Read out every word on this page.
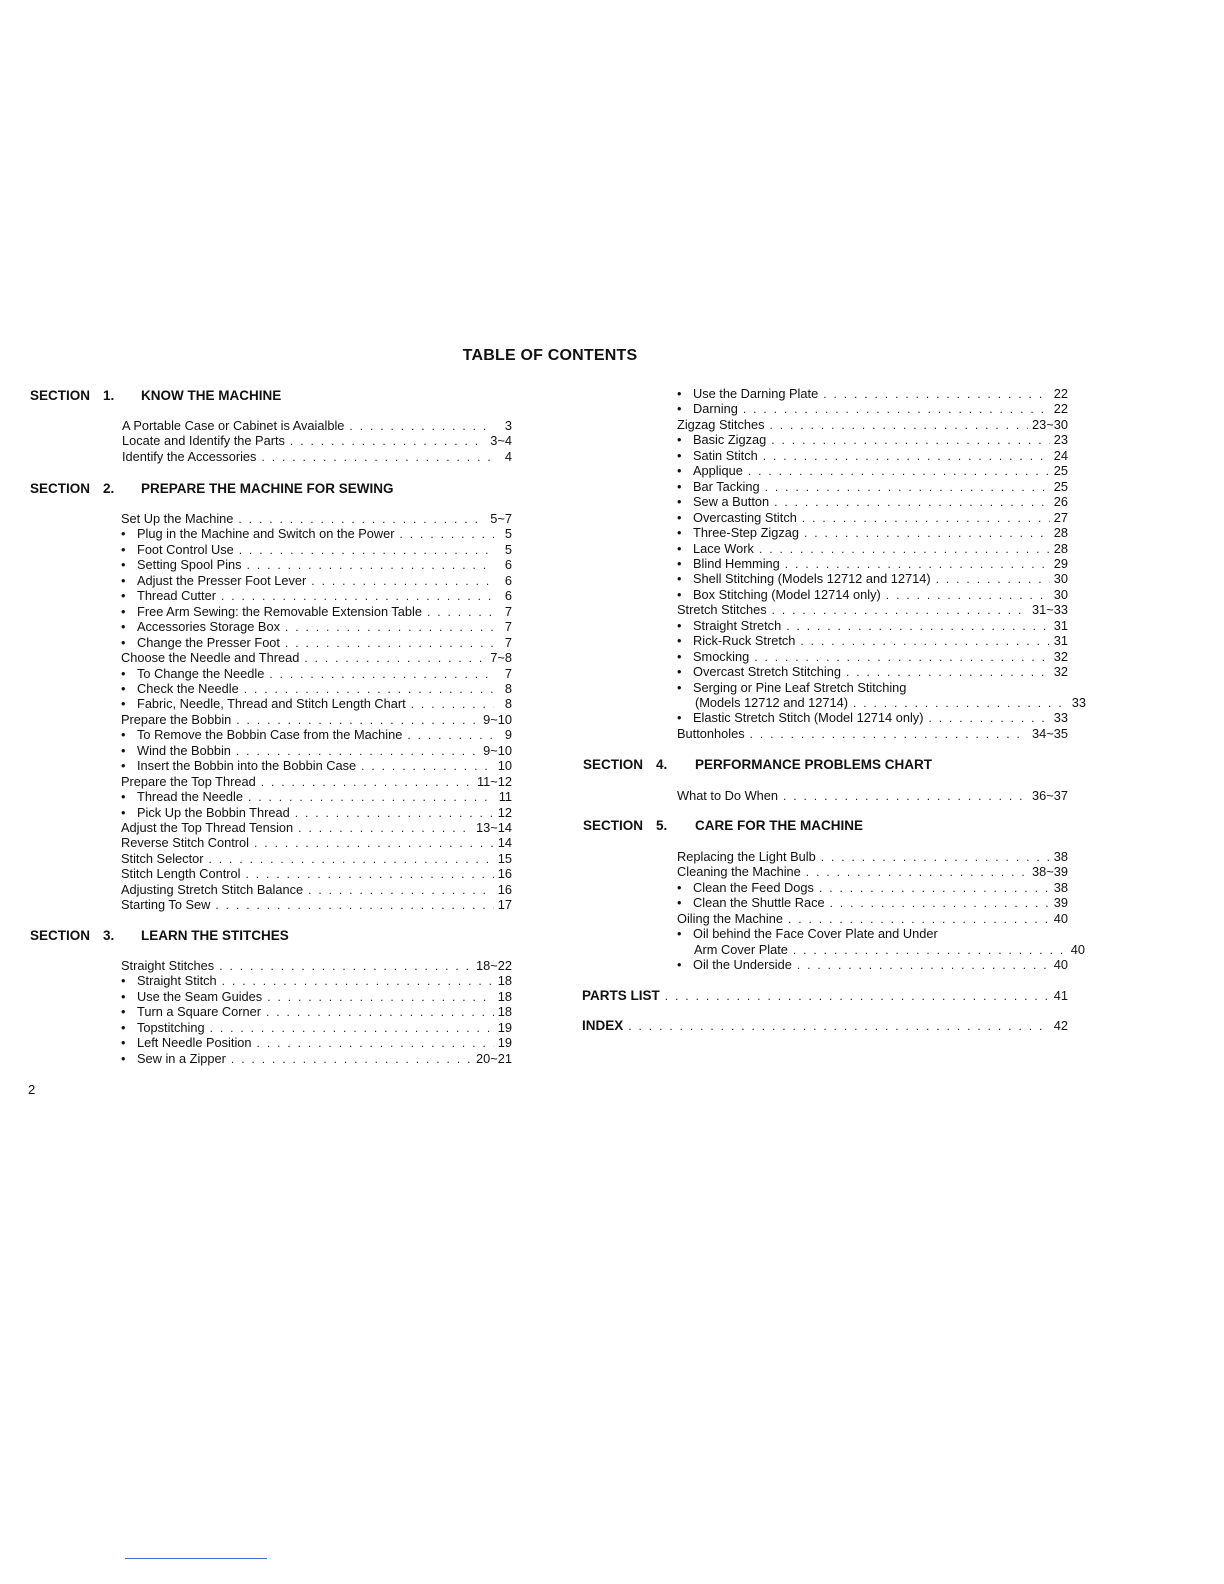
TABLE OF CONTENTS
SECTION 1. KNOW THE MACHINE
SECTION 2. PREPARE THE MACHINE FOR SEWING
SECTION 3. LEARN THE STITCHES
SECTION 4. PERFORMANCE PROBLEMS CHART
SECTION 5. CARE FOR THE MACHINE
A Portable Case or Cabinet is Avaialble . . .	3
Locate and Identify the Parts . . .	3~4
Identify the Accessories . . .	4
Set Up the Machine . . .	5~7
• Plug in the Machine and Switch on the Power . . .	5
• Foot Control Use . . .	5
• Setting Spool Pins . . .	6
• Adjust the Presser Foot Lever . . .	6
• Thread Cutter . . .	6
• Free Arm Sewing: the Removable Extension Table . . .	7
• Accessories Storage Box . . .	7
• Change the Presser Foot . . .	7
Choose the Needle and Thread . . .	7~8
• To Change the Needle . . .	7
• Check the Needle . . .	8
• Fabric, Needle, Thread and Stitch Length Chart . . .	8
Prepare the Bobbin . . .	9~10
• To Remove the Bobbin Case from the Machine . . .	9
• Wind the Bobbin . . .	9~10
• Insert the Bobbin into the Bobbin Case . . .	10
Prepare the Top Thread . . .	11~12
• Thread the Needle . . .	11
• Pick Up the Bobbin Thread . . .	12
Adjust the Top Thread Tension . . .	13~14
Reverse Stitch Control . . .	14
Stitch Selector . . .	15
Stitch Length Control . . .	16
Adjusting Stretch Stitch Balance . . .	16
Starting To Sew . . .	17
Straight Stitches . . .	18~22
• Straight Stitch . . .	18
• Use the Seam Guides . . .	18
• Turn a Square Corner . . .	18
• Topstitching . . .	19
• Left Needle Position . . .	19
• Sew in a Zipper . . .	20~21
• Use the Darning Plate . . .	22
• Darning . . .	22
Zigzag Stitches . . .	23~30
• Basic Zigzag . . .	23
• Satin Stitch . . .	24
• Applique . . .	25
• Bar Tacking . . .	25
• Sew a Button . . .	26
• Overcasting Stitch . . .	27
• Three-Step Zigzag . . .	28
• Lace Work . . .	28
• Blind Hemming . . .	29
• Shell Stitching (Models 12712 and 12714) . . .	30
• Box Stitching (Model 12714 only) . . .	30
Stretch Stitches . . .	31~33
• Straight Stretch . . .	31
• Rick-Ruck Stretch . . .	31
• Smocking . . .	32
• Overcast Stretch Stitching . . .	32
• Serging or Pine Leaf Stretch Stitching
(Models 12712 and 12714) . . .	33
• Elastic Stretch Stitch (Model 12714 only) . . .	33
Buttonholes . . .	34~35
What to Do When . . .	36~37
Replacing the Light Bulb . . .	38
Cleaning the Machine . . .	38~39
• Clean the Feed Dogs . . .	38
• Clean the Shuttle Race . . .	39
Oiling the Machine . . .	40
• Oil behind the Face Cover Plate and Under
Arm Cover Plate . . .	40
• Oil the Underside . . .	40
PARTS LIST . . .	41
INDEX . . .	42
2
